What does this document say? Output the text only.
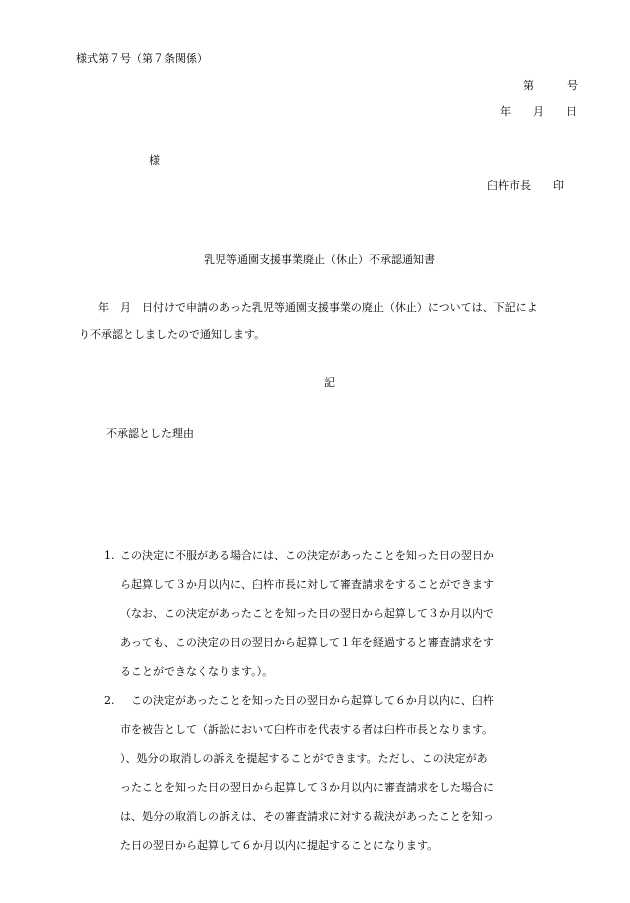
様式第７号（第７条関係）
第　　　号
年　　月　　日
様
臼杵市長　　印
乳児等通園支援事業廃止（休止）不承認通知書
年　月　日付けで申請のあった乳児等通園支援事業の廃止（休止）については、下記によ
り不承認としましたので通知します。
記
不承認とした理由
1. この決定に不服がある場合には、この決定があったことを知った日の翌日か
ら起算して３か月以内に、臼杵市長に対して審査請求をすることができます
（なお、この決定があったことを知った日の翌日から起算して３か月以内で
あっても、この決定の日の翌日から起算して１年を経過すると審査請求をす
ることができなくなります。）。
2. 　この決定があったことを知った日の翌日から起算して６か月以内に、臼杵
市を被告として（訴訟において臼杵市を代表する者は臼杵市長となります。
）、処分の取消しの訴えを提起することができます。ただし、この決定があ
ったことを知った日の翌日から起算して３か月以内に審査請求をした場合に
は、処分の取消しの訴えは、その審査請求に対する裁決があったことを知っ
た日の翌日から起算して６か月以内に提起することになります。
